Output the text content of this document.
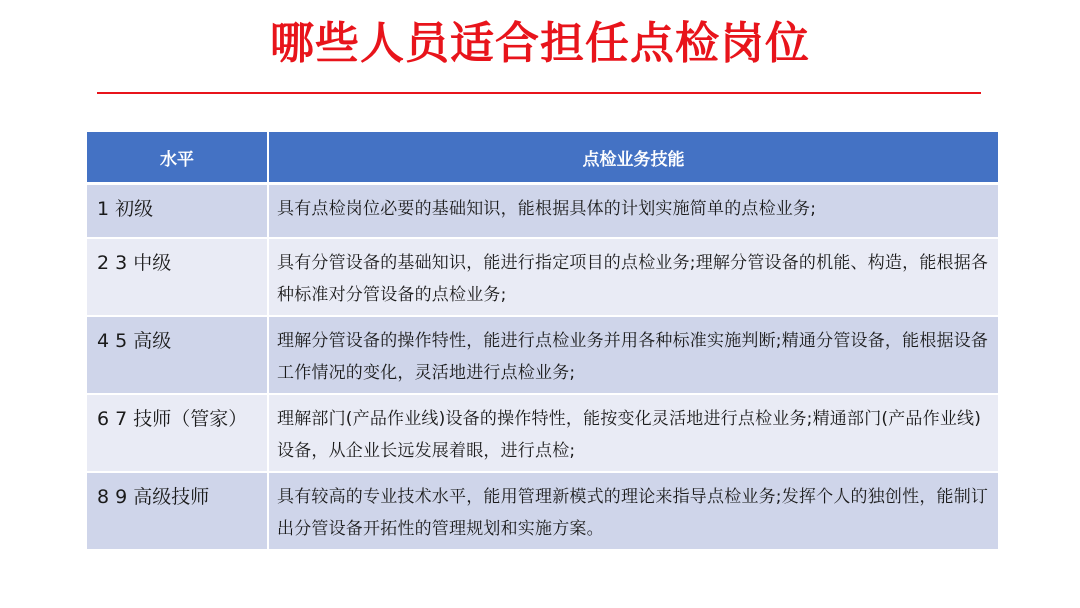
哪些人员适合担任点检岗位
水平	点检业务技能
1 初级	具有点检岗位必要的基础知识，能根据具体的计划实施简单的点检业务;
2 3 中级	具有分管设备的基础知识，能进行指定项目的点检业务;理解分管设备的机能、构造，能根据各种标准对分管设备的点检业务;
4 5 高级	理解分管设备的操作特性，能进行点检业务并用各种标准实施判断;精通分管设备，能根据设备工作情况的变化，灵活地进行点检业务;
6 7 技师（管家）	理解部门(产品作业线)设备的操作特性，能按变化灵活地进行点检业务;精通部门(产品作业线)设备，从企业长远发展着眼，进行点检;
8 9 高级技师	具有较高的专业技术水平，能用管理新模式的理论来指导点检业务;发挥个人的独创性，能制订出分管设备开拓性的管理规划和实施方案。
